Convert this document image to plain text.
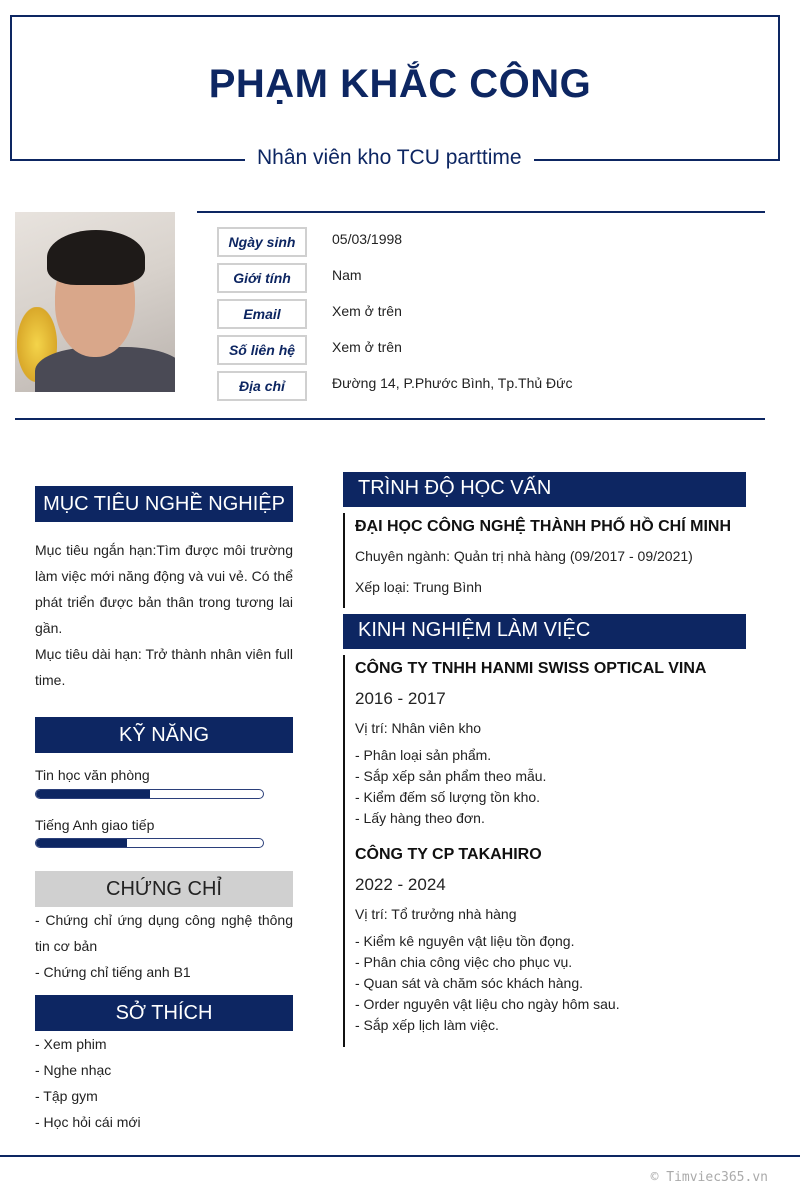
PHẠM KHẮC CÔNG
Nhân viên kho TCU parttime
Ngày sinh	05/03/1998
Giới tính	Nam
Email	Xem ở trên
Số liên hệ	Xem ở trên
Địa chỉ	Đường 14, P.Phước Bình, Tp.Thủ Đức
MỤC TIÊU NGHỀ NGHIỆP
Mục tiêu ngắn hạn:Tìm được môi trường làm việc mới năng động và vui vẻ. Có thể phát triển được bản thân trong tương lai gần.
Mục tiêu dài hạn: Trở thành nhân viên full time.
KỸ NĂNG
Tin học văn phòng
Tiếng Anh giao tiếp
CHỨNG CHỈ
- Chứng chỉ ứng dụng công nghệ thông tin cơ bản
- Chứng chỉ tiếng anh B1
SỞ THÍCH
- Xem phim
- Nghe nhạc
- Tập gym
- Học hỏi cái mới
TRÌNH ĐỘ HỌC VẤN
ĐẠI HỌC CÔNG NGHỆ THÀNH PHỐ HỒ CHÍ MINH
Chuyên ngành: Quản trị nhà hàng (09/2017 - 09/2021)
Xếp loại: Trung Bình
KINH NGHIỆM LÀM VIỆC
CÔNG TY TNHH HANMI SWISS OPTICAL VINA
2016 - 2017
Vị trí: Nhân viên kho
- Phân loại sản phẩm.
- Sắp xếp sản phẩm theo mẫu.
- Kiểm đếm số lượng tồn kho.
- Lấy hàng theo đơn.
CÔNG TY CP TAKAHIRO
2022 - 2024
Vị trí: Tổ trưởng nhà hàng
- Kiểm kê nguyên vật liệu tồn đọng.
- Phân chia công việc cho phục vụ.
- Quan sát và chăm sóc khách hàng.
- Order nguyên vật liệu cho ngày hôm sau.
- Sắp xếp lịch làm việc.
© Timviec365.vn
